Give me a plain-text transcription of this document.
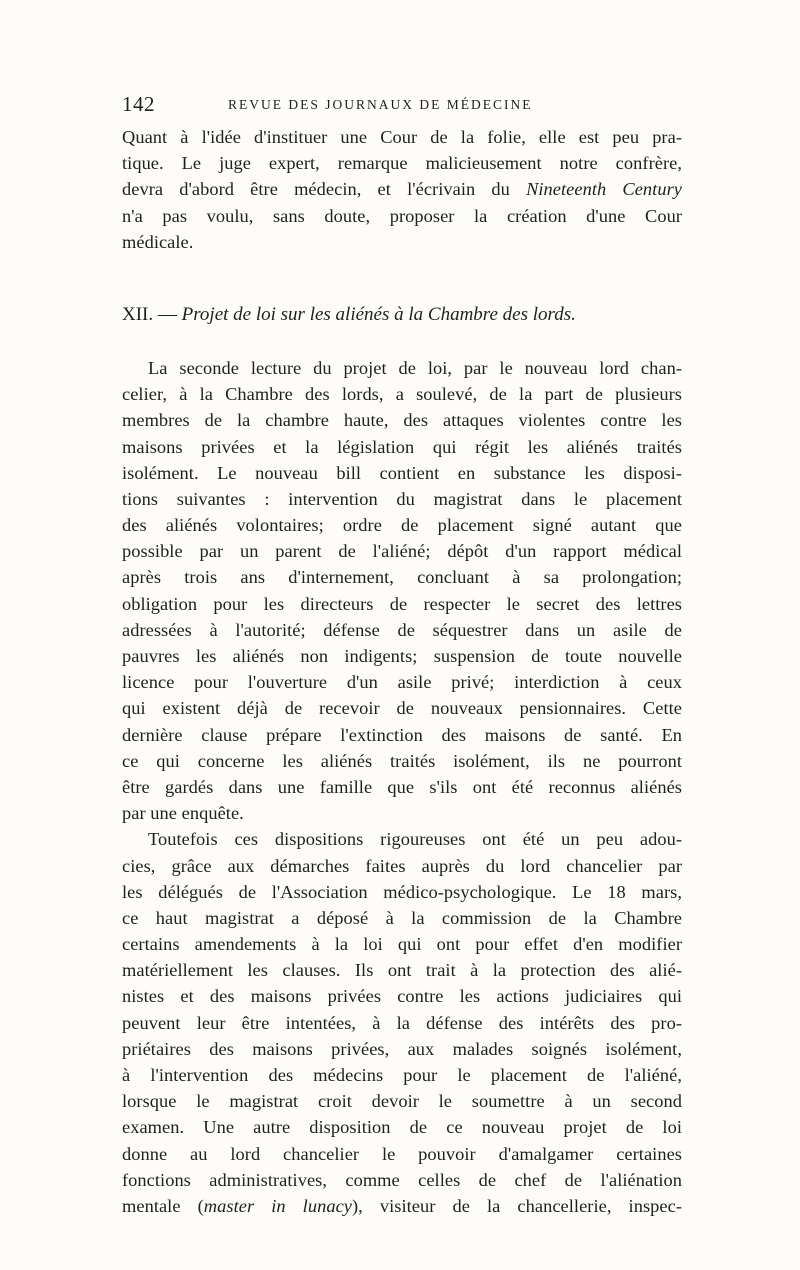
142	REVUE DES JOURNAUX DE MÉDECINE
Quant à l'idée d'instituer une Cour de la folie, elle est peu pra-
tique. Le juge expert, remarque malicieusement notre confrère,
devra d'abord être médecin, et l'écrivain du Nineteenth Century
n'a pas voulu, sans doute, proposer la création d'une Cour
médicale.
XII. — Projet de loi sur les aliénés à la Chambre des lords.
La seconde lecture du projet de loi, par le nouveau lord chan-
celier, à la Chambre des lords, a soulevé, de la part de plusieurs
membres de la chambre haute, des attaques violentes contre les
maisons privées et la législation qui régit les aliénés traités
isolément. Le nouveau bill contient en substance les disposi-
tions suivantes : intervention du magistrat dans le placement
des aliénés volontaires; ordre de placement signé autant que
possible par un parent de l'aliéné; dépôt d'un rapport médical
après trois ans d'internement, concluant à sa prolongation;
obligation pour les directeurs de respecter le secret des lettres
adressées à l'autorité; défense de séquestrer dans un asile de
pauvres les aliénés non indigents; suspension de toute nouvelle
licence pour l'ouverture d'un asile privé; interdiction à ceux
qui existent déjà de recevoir de nouveaux pensionnaires. Cette
dernière clause prépare l'extinction des maisons de santé. En
ce qui concerne les aliénés traités isolément, ils ne pourront
être gardés dans une famille que s'ils ont été reconnus aliénés
par une enquête.
Toutefois ces dispositions rigoureuses ont été un peu adou-
cies, grâce aux démarches faites auprès du lord chancelier par
les délégués de l'Association médico-psychologique. Le 18 mars,
ce haut magistrat a déposé à la commission de la Chambre
certains amendements à la loi qui ont pour effet d'en modifier
matériellement les clauses. Ils ont trait à la protection des alié-
nistes et des maisons privées contre les actions judiciaires qui
peuvent leur être intentées, à la défense des intérêts des pro-
priétaires des maisons privées, aux malades soignés isolément,
à l'intervention des médecins pour le placement de l'aliéné,
lorsque le magistrat croit devoir le soumettre à un second
examen. Une autre disposition de ce nouveau projet de loi
donne au lord chancelier le pouvoir d'amalgamer certaines
fonctions administratives, comme celles de chef de l'aliénation
mentale (master in lunacy), visiteur de la chancellerie, inspec-
